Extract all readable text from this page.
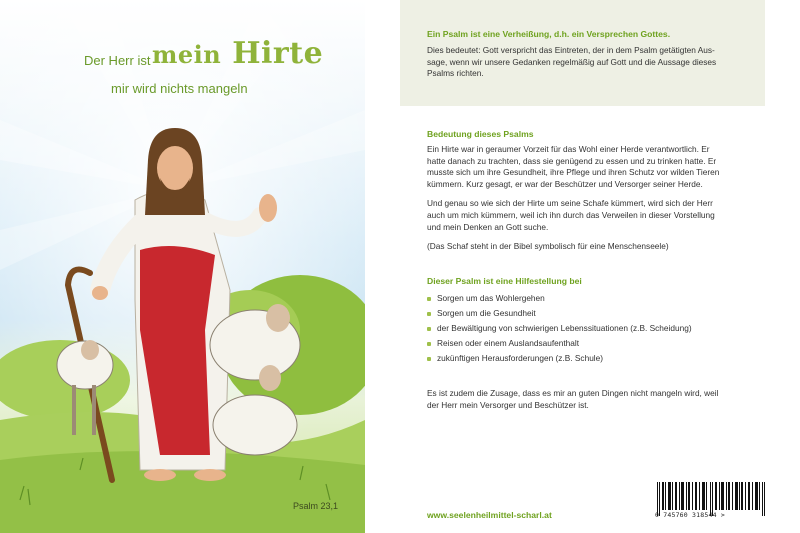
Der Herr ist mein Hirte
mir wird nichts mangeln
Psalm 23,1
Ein Psalm ist eine Verheißung, d.h. ein Versprechen Gottes.
Dies bedeutet: Gott verspricht das Eintreten, der in dem Psalm getätigten Aus-
sage, wenn wir unsere Gedanken regelmäßig auf Gott und die Aussage dieses
Psalms richten.
Bedeutung dieses Psalms
Ein Hirte war in geraumer Vorzeit für das Wohl einer Herde verantwortlich. Er
hatte danach zu trachten, dass sie genügend zu essen und zu trinken hatte. Er
musste sich um ihre Gesundheit, ihre Pflege und ihren Schutz vor wilden Tieren
kümmern. Kurz gesagt, er war der Beschützer und Versorger seiner Herde.
Und genau so wie sich der Hirte um seine Schafe kümmert, wird sich der Herr
auch um mich kümmern, weil ich ihn durch das Verweilen in dieser Vorstellung
und mein Denken an Gott suche.
(Das Schaf steht in der Bibel symbolisch für eine Menschenseele)
Dieser Psalm ist eine Hilfestellung bei
Sorgen um das Wohlergehen
Sorgen um die Gesundheit
der Bewältigung von schwierigen Lebenssituationen (z.B. Scheidung)
Reisen oder einem Auslandsaufenthalt
zukünftigen Herausforderungen (z.B. Schule)
Es ist zudem die Zusage, dass es mir an guten Dingen nicht mangeln wird, weil
der Herr mein Versorger und Beschützer ist.
www.seelenheilmittel-scharl.at	0 745760 318544 >
